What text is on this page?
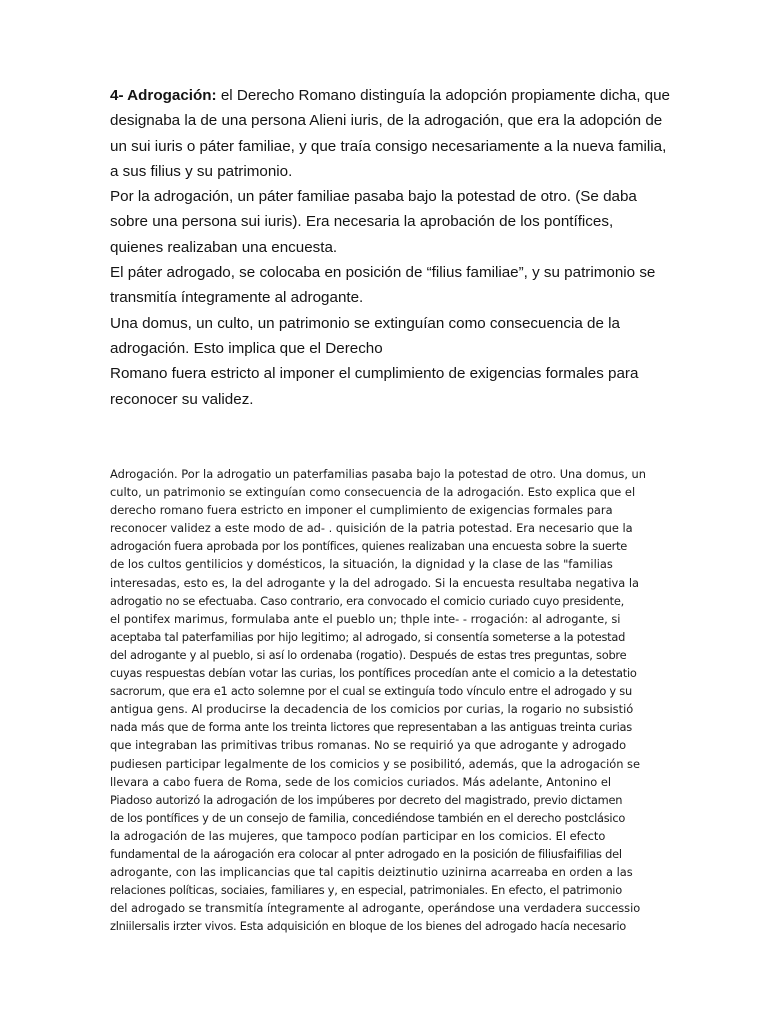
4- Adrogación: el Derecho Romano distinguía la adopción propiamente dicha, que designaba la de una persona Alieni iuris, de la adrogación, que era la adopción de un sui iuris o páter familiae, y que traía consigo necesariamente a la nueva familia, a sus filius y su patrimonio.

Por la adrogación, un páter familiae pasaba bajo la potestad de otro. (Se daba sobre una persona sui iuris). Era necesaria la aprobación de los pontífices, quienes realizaban una encuesta.

El páter adrogado, se colocaba en posición de “filius familiae”, y su patrimonio se transmitía íntegramente al adrogante.

Una domus, un culto, un patrimonio se extinguían como consecuencia de la adrogación. Esto implica que el Derecho

Romano fuera estricto al imponer el cumplimiento de exigencias formales para reconocer su validez.

Adrogación. Por la adrogatio un paterfamilias pasaba bajo la potestad de otro. Una domus, un
culto, un patrimonio se extinguían como consecuencia de la adrogación. Esto explica que el
derecho romano fuera estricto en imponer el cumplimiento de exigencias formales para
reconocer validez a este modo de ad- . quisición de la patria potestad. Era necesario que la
adrogación fuera aprobada por los pontífices, quienes realizaban una encuesta sobre la suerte
de los cultos gentilicios y domésticos, la situación, la dignidad y la clase de las "familias
interesadas, esto es, la del adrogante y la del adrogado. Si la encuesta resultaba negativa la
adrogatio no se efectuaba. Caso contrario, era convocado el comicio curiado cuyo presidente,
el pontifex marimus, formulaba ante el pueblo un; thple inte- - rrogación: al adrogante, si
aceptaba tal paterfamilias por hijo legitimo; al adrogado, si consentía someterse a la potestad
del adrogante y al pueblo, si así lo ordenaba (rogatio). Después de estas tres preguntas, sobre
cuyas respuestas debían votar las curias, los pontífices procedían ante el comicio a la detestatio
sacrorum, que era e1 acto solemne por el cual se extinguía todo vínculo entre el adrogado y su
antigua gens. Al producirse la decadencia de los comicios por curias, la rogario no subsistió
nada más que de forma ante los treinta lictores que representaban a las antiguas treinta curias
que integraban las primitivas tribus romanas. No se requirió ya que adrogante y adrogado
pudiesen participar legalmente de los comicios y se posibilitó, además, que la adrogación se
llevara a cabo fuera de Roma, sede de los comicios curiados. Más adelante, Antonino el
Piadoso autorizó la adrogación de los impúberes por decreto del magistrado, previo dictamen
de los pontífices y de un consejo de familia, concediéndose también en el derecho postclásico
la adrogación de las mujeres, que tampoco podían participar en los comicios. El efecto
fundamental de la aárogación era colocar al pnter adrogado en la posición de filiusfaifilias del
adrogante, con las implicancias que tal capitis deiztinutio uzinirna acarreaba en orden a las
relaciones políticas, sociaies, familiares y, en especial, patrimoniales. En efecto, el patrimonio
del adrogado se transmitía íntegramente al adrogante, operándose una verdadera successio
zlniilersalis irzter vivos. Esta adquisición en bloque de los bienes del adrogado hacía necesario
